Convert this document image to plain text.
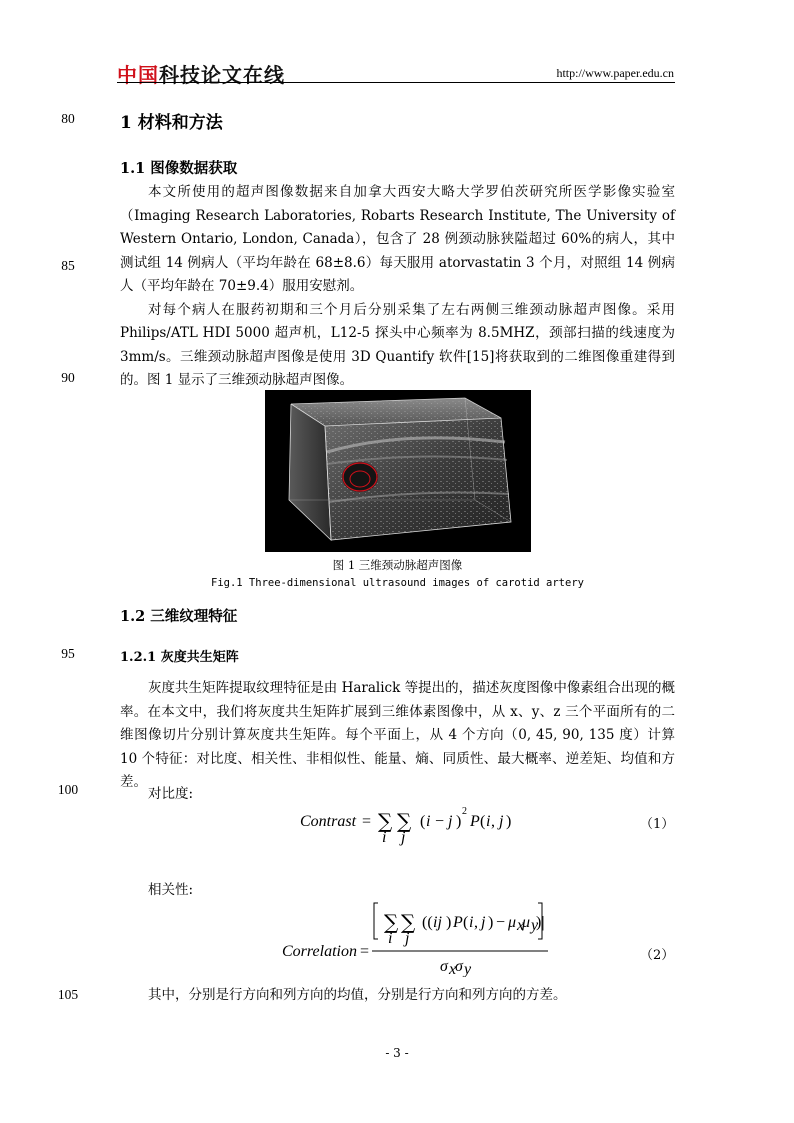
中国科技论文在线	http://www.paper.edu.cn
80
85
90
95
100
105
1 材料和方法
1.1 图像数据获取

本文所使用的超声图像数据来自加拿大西安大略大学罗伯茨研究所医学影像实验室（Imaging Research Laboratories, Robarts Research Institute, The University of Western Ontario, London, Canada），包含了 28 例颈动脉狭隘超过 60%的病人，其中测试组 14 例病人（平均年龄在 68±8.6）每天服用 atorvastatin 3 个月，对照组 14 例病人（平均年龄在 70±9.4）服用安慰剂。

对每个病人在服药初期和三个月后分别采集了左右两侧三维颈动脉超声图像。采用 Philips/ATL HDI 5000 超声机，L12-5 探头中心频率为 8.5MHZ，颈部扫描的线速度为 3mm/s。三维颈动脉超声图像是使用 3D Quantify 软件[15]将获取到的二维图像重建得到的。图 1 显示了三维颈动脉超声图像。

图 1 三维颈动脉超声图像
Fig.1 Three-dimensional ultrasound images of carotid artery
1.2 三维纹理特征
1.2.1 灰度共生矩阵

灰度共生矩阵提取纹理特征是由 Haralick 等提出的，描述灰度图像中像素组合出现的概率。在本文中，我们将灰度共生矩阵扩展到三维体素图像中，从 x、y、z 三个平面所有的二维图像切片分别计算灰度共生矩阵。每个平面上，从 4 个方向（0, 45, 90, 135 度）计算 10 个特征：对比度、相关性、非相似性、能量、熵、同质性、最大概率、逆差矩、均值和方差。

对比度:
Contrast = ∑ ∑
i j
( i − j )
2
P ( i , j )	（1）
相关性:
Correlation =
∑ ∑
i j
(( ij ) P ( i , j ) − μ x
μ y
)|
σ x
σ y
（2）
其中，分别是行方向和列方向的均值，分别是行方向和列方向的方差。
- 3 -
